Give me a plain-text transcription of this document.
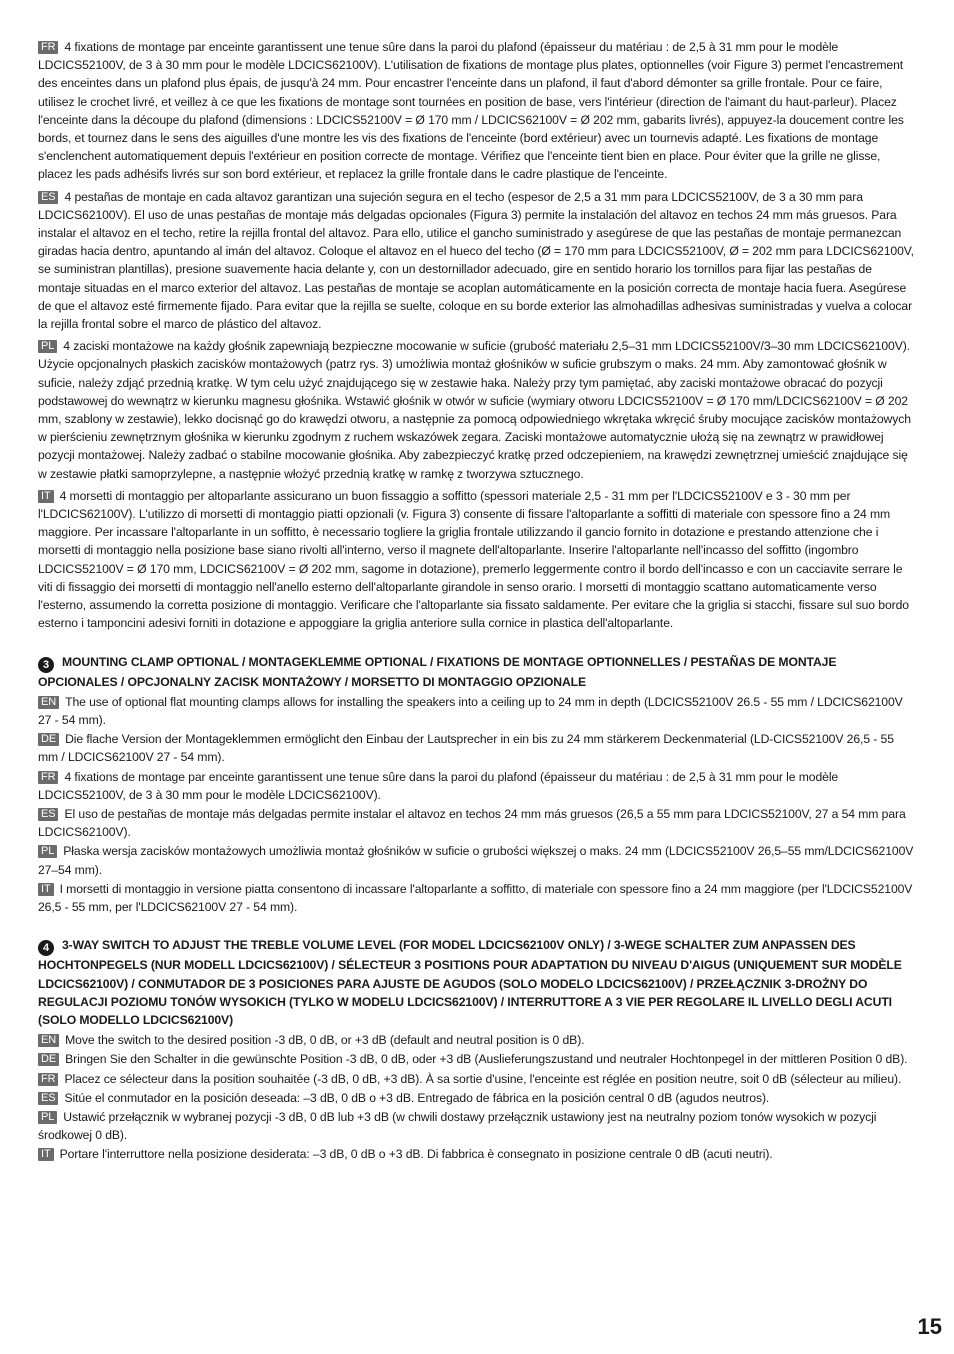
FR 4 fixations de montage par enceinte garantissent une tenue sûre dans la paroi du plafond (épaisseur du matériau : de 2,5 à 31 mm pour le modèle LDCICS52100V, de 3 à 30 mm pour le modèle LDCICS62100V). L'utilisation de fixations de montage plus plates, optionnelles (voir Figure 3) permet l'encastrement des enceintes dans un plafond plus épais, de jusqu'à 24 mm. Pour encastrer l'enceinte dans un plafond, il faut d'abord démonter sa grille frontale. Pour ce faire, utilisez le crochet livré, et veillez à ce que les fixations de montage sont tournées en position de base, vers l'intérieur (direction de l'aimant du haut-parleur). Placez l'enceinte dans la découpe du plafond (dimensions : LDCICS52100V = Ø 170 mm / LDCICS62100V = Ø 202 mm, gabarits livrés), appuyez-la doucement contre les bords, et tournez dans le sens des aiguilles d'une montre les vis des fixations de l'enceinte (bord extérieur) avec un tournevis adapté. Les fixations de montage s'enclenchent automatiquement depuis l'extérieur en position correcte de montage. Vérifiez que l'enceinte tient bien en place. Pour éviter que la grille ne glisse, placez les pads adhésifs livrés sur son bord extérieur, et replacez la grille frontale dans le cadre plastique de l'enceinte.

ES 4 pestañas de montaje en cada altavoz garantizan una sujeción segura en el techo (espesor de 2,5 a 31 mm para LDCICS52100V, de 3 a 30 mm para LDCICS62100V). El uso de unas pestañas de montaje más delgadas opcionales (Figura 3) permite la instalación del altavoz en techos 24 mm más gruesos. Para instalar el altavoz en el techo, retire la rejilla frontal del altavoz. Para ello, utilice el gancho suministrado y asegúrese de que las pestañas de montaje permanezcan giradas hacia dentro, apuntando al imán del altavoz. Coloque el altavoz en el hueco del techo (Ø = 170 mm para LDCICS52100V, Ø = 202 mm para LDCICS62100V, se suministran plantillas), presione suavemente hacia delante y, con un destornillador adecuado, gire en sentido horario los tornillos para fijar las pestañas de montaje situadas en el marco exterior del altavoz. Las pestañas de montaje se acoplan automáticamente en la posición correcta de montaje hacia fuera. Asegúrese de que el altavoz esté firmemente fijado. Para evitar que la rejilla se suelte, coloque en su borde exterior las almohadillas adhesivas suministradas y vuelva a colocar la rejilla frontal sobre el marco de plástico del altavoz.

PL 4 zaciski montażowe na każdy głośnik zapewniają bezpieczne mocowanie w suficie (grubość materiału 2,5–31 mm LDCICS52100V/3–30 mm LDCICS62100V). Użycie opcjonalnych płaskich zacisków montażowych (patrz rys. 3) umożliwia montaż głośników w suficie grubszym o maks. 24 mm. Aby zamontować głośnik w suficie, należy zdjąć przednią kratkę. W tym celu użyć znajdującego się w zestawie haka. Należy przy tym pamiętać, aby zaciski montażowe obracać do pozycji podstawowej do wewnątrz w kierunku magnesu głośnika. Wstawić głośnik w otwór w suficie (wymiary otworu LDCICS52100V = Ø 170 mm/LDCICS62100V = Ø 202 mm, szablony w zestawie), lekko docisnąć go do krawędzi otworu, a następnie za pomocą odpowiedniego wkrętaka wkręcić śruby mocujące zacisków montażowych w pierścieniu zewnętrznym głośnika w kierunku zgodnym z ruchem wskazówek zegara. Zaciski montażowe automatycznie ułożą się na zewnątrz w prawidłowej pozycji montażowej. Należy zadbać o stabilne mocowanie głośnika. Aby zabezpieczyć kratkę przed odczepieniem, na krawędzi zewnętrznej umieścić znajdujące się w zestawie płatki samoprzylepne, a następnie włożyć przednią kratkę w ramkę z tworzywa sztucznego.

IT 4 morsetti di montaggio per altoparlante assicurano un buon fissaggio a soffitto (spessori materiale 2,5 - 31 mm per l'LDCICS52100V e 3 - 30 mm per l'LDCICS62100V). L'utilizzo di morsetti di montaggio piatti opzionali (v. Figura 3) consente di fissare l'altoparlante a soffitti di materiale con spessore fino a 24 mm maggiore. Per incassare l'altoparlante in un soffitto, è necessario togliere la griglia frontale utilizzando il gancio fornito in dotazione e prestando attenzione che i morsetti di montaggio nella posizione base siano rivolti all'interno, verso il magnete dell'altoparlante. Inserire l'altoparlante nell'incasso del soffitto (ingombro LDCICS52100V = Ø 170 mm, LDCICS62100V = Ø 202 mm, sagome in dotazione), premerlo leggermente contro il bordo dell'incasso e con un cacciavite serrare le viti di fissaggio dei morsetti di montaggio nell'anello esterno dell'altoparlante girandole in senso orario. I morsetti di montaggio scattano automaticamente verso l'esterno, assumendo la corretta posizione di montaggio. Verificare che l'altoparlante sia fissato saldamente. Per evitare che la griglia si stacchi, fissare sul suo bordo esterno i tamponcini adesivi forniti in dotazione e appoggiare la griglia anteriore sulla cornice in plastica dell'altoparlante.

3 MOUNTING CLAMP OPTIONAL / MONTAGEKLEMME OPTIONAL / FIXATIONS DE MONTAGE OPTIONNELLES / PESTAÑAS DE MONTAJE OPCIONALES / OPCJONALNY ZACISK MONTAŻOWY / MORSETTO DI MONTAGGIO OPZIONALE

EN The use of optional flat mounting clamps allows for installing the speakers into a ceiling up to 24 mm in depth (LDCICS52100V 26.5 - 55 mm / LDCICS62100V 27 - 54 mm).

DE Die flache Version der Montageklemmen ermöglicht den Einbau der Lautsprecher in ein bis zu 24 mm stärkerem Deckenmaterial (LD-CICS52100V 26,5 - 55 mm / LDCICS62100V 27 - 54 mm).

FR 4 fixations de montage par enceinte garantissent une tenue sûre dans la paroi du plafond (épaisseur du matériau : de 2,5 à 31 mm pour le modèle LDCICS52100V, de 3 à 30 mm pour le modèle LDCICS62100V).

ES El uso de pestañas de montaje más delgadas permite instalar el altavoz en techos 24 mm más gruesos (26,5 a 55 mm para LDCICS52100V, 27 a 54 mm para LDCICS62100V).

PL Płaska wersja zacisków montażowych umożliwia montaż głośników w suficie o grubości większej o maks. 24 mm (LDCICS52100V 26,5–55 mm/LDCICS62100V 27–54 mm).

IT I morsetti di montaggio in versione piatta consentono di incassare l'altoparlante a soffitto, di materiale con spessore fino a 24 mm maggiore (per l'LDCICS52100V 26,5 - 55 mm, per l'LDCICS62100V 27 - 54 mm).

4 3-WAY SWITCH TO ADJUST THE TREBLE VOLUME LEVEL (FOR MODEL LDCICS62100V ONLY) / 3-WEGE SCHALTER ZUM ANPASSEN DES HOCHTONPEGELS (NUR MODELL LDCICS62100V) / SÉLECTEUR 3 POSITIONS POUR ADAPTATION DU NIVEAU D'AIGUS (UNIQUEMENT SUR MODÈLE LDCICS62100V) / CONMUTADOR DE 3 POSICIONES PARA AJUSTE DE AGUDOS (SOLO MODELO LDCICS62100V) / PRZEŁĄCZNIK 3-DROŻNY DO REGULACJI POZIOMU TONÓW WYSOKICH (TYLKO W MODELU LDCICS62100V) / INTERRUTTORE A 3 VIE PER REGOLARE IL LIVELLO DEGLI ACUTI (SOLO MODELLO LDCICS62100V)

EN Move the switch to the desired position -3 dB, 0 dB, or +3 dB (default and neutral position is 0 dB).

DE Bringen Sie den Schalter in die gewünschte Position -3 dB, 0 dB, oder +3 dB (Auslieferungszustand und neutraler Hochtonpegel in der mittleren Position 0 dB).

FR Placez ce sélecteur dans la position souhaitée (-3 dB, 0 dB, +3 dB). À sa sortie d'usine, l'enceinte est réglée en position neutre, soit 0 dB (sélecteur au milieu).

ES Sitúe el conmutador en la posición deseada: –3 dB, 0 dB o +3 dB. Entregado de fábrica en la posición central 0 dB (agudos neutros).

PL Ustawić przełącznik w wybranej pozycji -3 dB, 0 dB lub +3 dB (w chwili dostawy przełącznik ustawiony jest na neutralny poziom tonów wysokich w pozycji środkowej 0 dB).

IT Portare l'interruttore nella posizione desiderata: –3 dB, 0 dB o +3 dB. Di fabbrica è consegnato in posizione centrale 0 dB (acuti neutri).

15
